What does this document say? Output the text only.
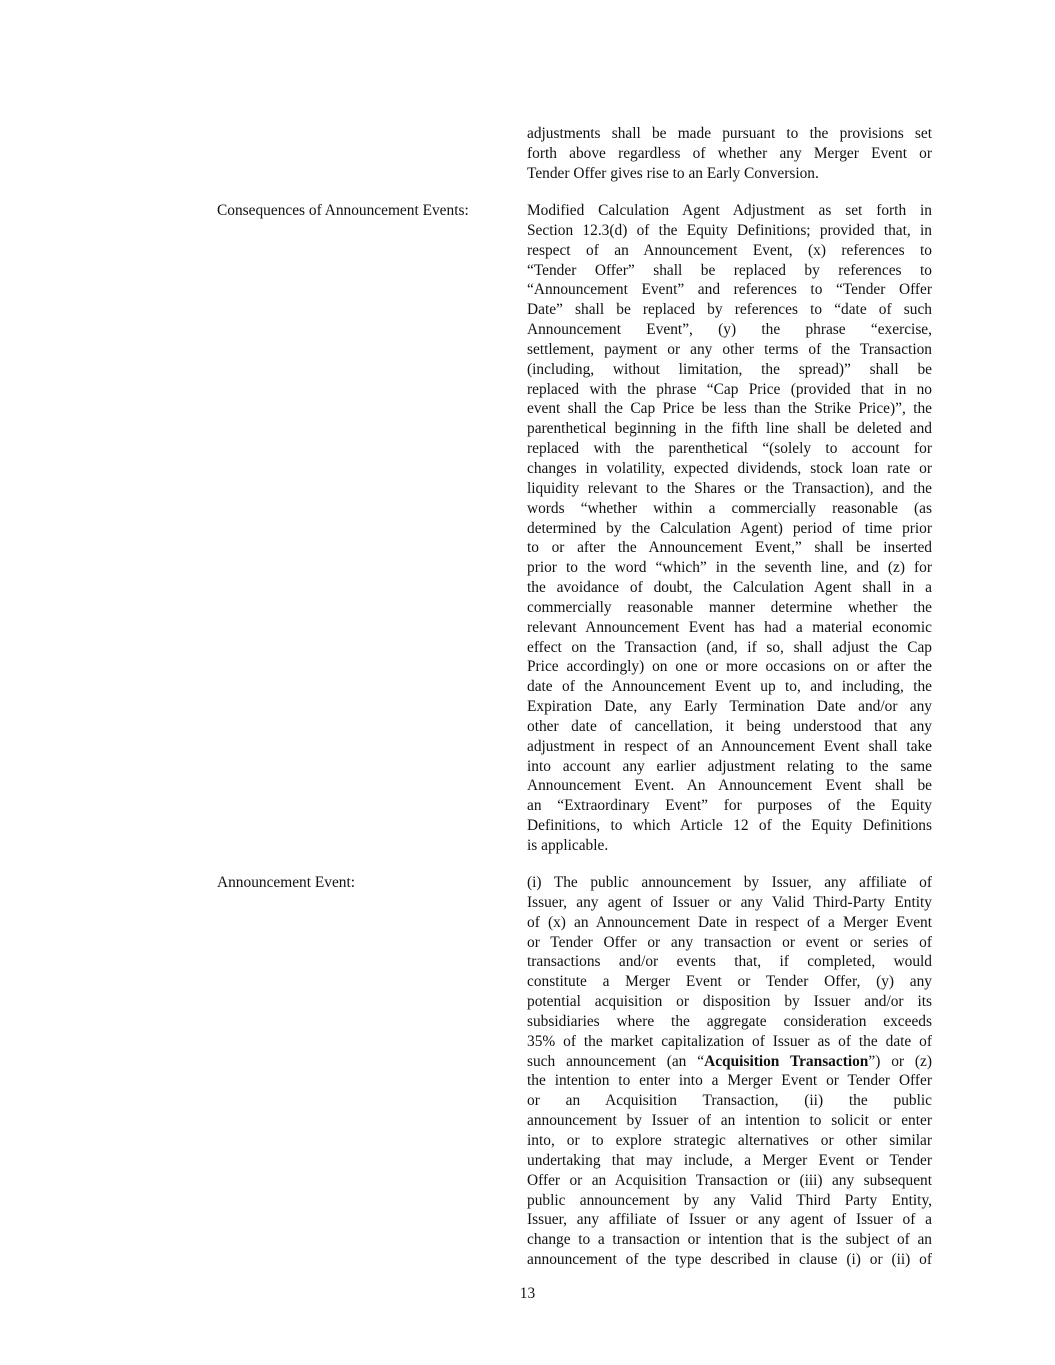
adjustments shall be made pursuant to the provisions set
forth above regardless of whether any Merger Event or
Tender Offer gives rise to an Early Conversion.
Consequences of Announcement Events:	Modified Calculation Agent Adjustment as set forth in
Section 12.3(d) of the Equity Definitions; provided that, in
respect of an Announcement Event, (x) references to
“Tender Offer” shall be replaced by references to
“Announcement Event” and references to “Tender Offer
Date” shall be replaced by references to “date of such
Announcement Event”, (y) the phrase “exercise,
settlement, payment or any other terms of the Transaction
(including, without limitation, the spread)” shall be
replaced with the phrase “Cap Price (provided that in no
event shall the Cap Price be less than the Strike Price)”, the
parenthetical beginning in the fifth line shall be deleted and
replaced with the parenthetical “(solely to account for
changes in volatility, expected dividends, stock loan rate or
liquidity relevant to the Shares or the Transaction), and the
words “whether within a commercially reasonable (as
determined by the Calculation Agent) period of time prior
to or after the Announcement Event,” shall be inserted
prior to the word “which” in the seventh line, and (z) for
the avoidance of doubt, the Calculation Agent shall in a
commercially reasonable manner determine whether the
relevant Announcement Event has had a material economic
effect on the Transaction (and, if so, shall adjust the Cap
Price accordingly) on one or more occasions on or after the
date of the Announcement Event up to, and including, the
Expiration Date, any Early Termination Date and/or any
other date of cancellation, it being understood that any
adjustment in respect of an Announcement Event shall take
into account any earlier adjustment relating to the same
Announcement Event. An Announcement Event shall be
an “Extraordinary Event” for purposes of the Equity
Definitions, to which Article 12 of the Equity Definitions
is applicable.
Announcement Event:	(i) The public announcement by Issuer, any affiliate of
Issuer, any agent of Issuer or any Valid Third-Party Entity
of (x) an Announcement Date in respect of a Merger Event
or Tender Offer or any transaction or event or series of
transactions and/or events that, if completed, would
constitute a Merger Event or Tender Offer, (y) any
potential acquisition or disposition by Issuer and/or its
subsidiaries where the aggregate consideration exceeds
35% of the market capitalization of Issuer as of the date of
such announcement (an “Acquisition Transaction”) or (z)
the intention to enter into a Merger Event or Tender Offer
or an Acquisition Transaction, (ii) the public
announcement by Issuer of an intention to solicit or enter
into, or to explore strategic alternatives or other similar
undertaking that may include, a Merger Event or Tender
Offer or an Acquisition Transaction or (iii) any subsequent
public announcement by any Valid Third Party Entity,
Issuer, any affiliate of Issuer or any agent of Issuer of a
change to a transaction or intention that is the subject of an
announcement of the type described in clause (i) or (ii) of
13
